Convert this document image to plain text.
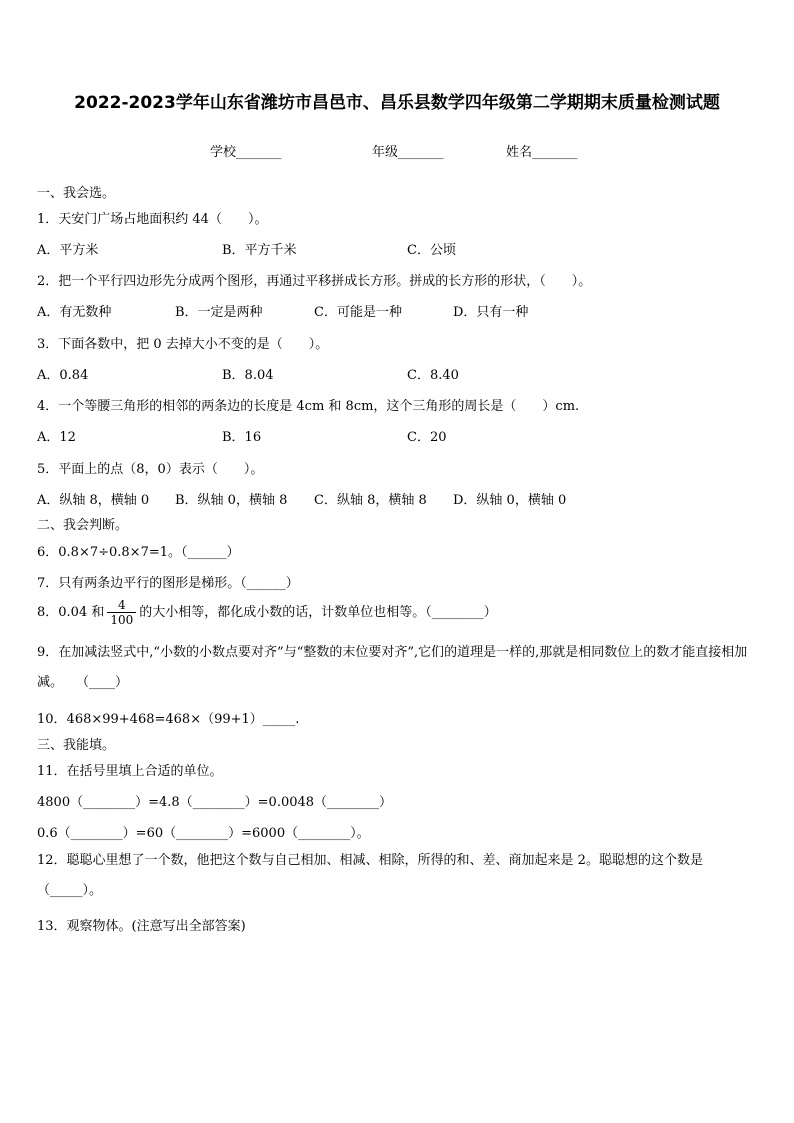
2022-2023学年山东省潍坊市昌邑市、昌乐县数学四年级第二学期期末质量检测试题
学校_______	年级_______	姓名_______
一、我会选。
1．天安门广场占地面积约 44（　　）。
A．平方米	B．平方千米	C．公顷
2．把一个平行四边形先分成两个图形，再通过平移拼成长方形。拼成的长方形的形状，（　　）。
A．有无数种	B．一定是两种	C．可能是一种	D．只有一种
3．下面各数中，把 0 去掉大小不变的是（　　）。
A．0.84	B．8.04	C．8.40
4．一个等腰三角形的相邻的两条边的长度是 4cm 和 8cm，这个三角形的周长是（　　）cm.
A．12	B．16	C．20
5．平面上的点（8，0）表示（　　）。
A．纵轴 8，横轴 0 B．纵轴 0，横轴 8 C．纵轴 8，横轴 8 D．纵轴 0，横轴 0
二、我会判断。
6．0.8×7÷0.8×7=1。（______）
7．只有两条边平行的图形是梯形。（______）
8．0.04 和 $\frac{4}{100}$ 的大小相等，都化成小数的话，计数单位也相等。（________）
9．在加减法竖式中,“小数的小数点要对齐”与“整数的末位要对齐”,它们的道理是一样的,那就是相同数位上的数才能直接相加减。　　（____）
10．468×99+468=468×（99+1）_____.
三、我能填。
11．在括号里填上合适的单位。
4800（________）=4.8（________）=0.0048（________）
0.6（________）=60（________）=6000（________）。
12．聪聪心里想了一个数，他把这个数与自己相加、相减、相除，所得的和、差、商加起来是 2。聪聪想的这个数是（_____）。
13．观察物体。(注意写出全部答案)
